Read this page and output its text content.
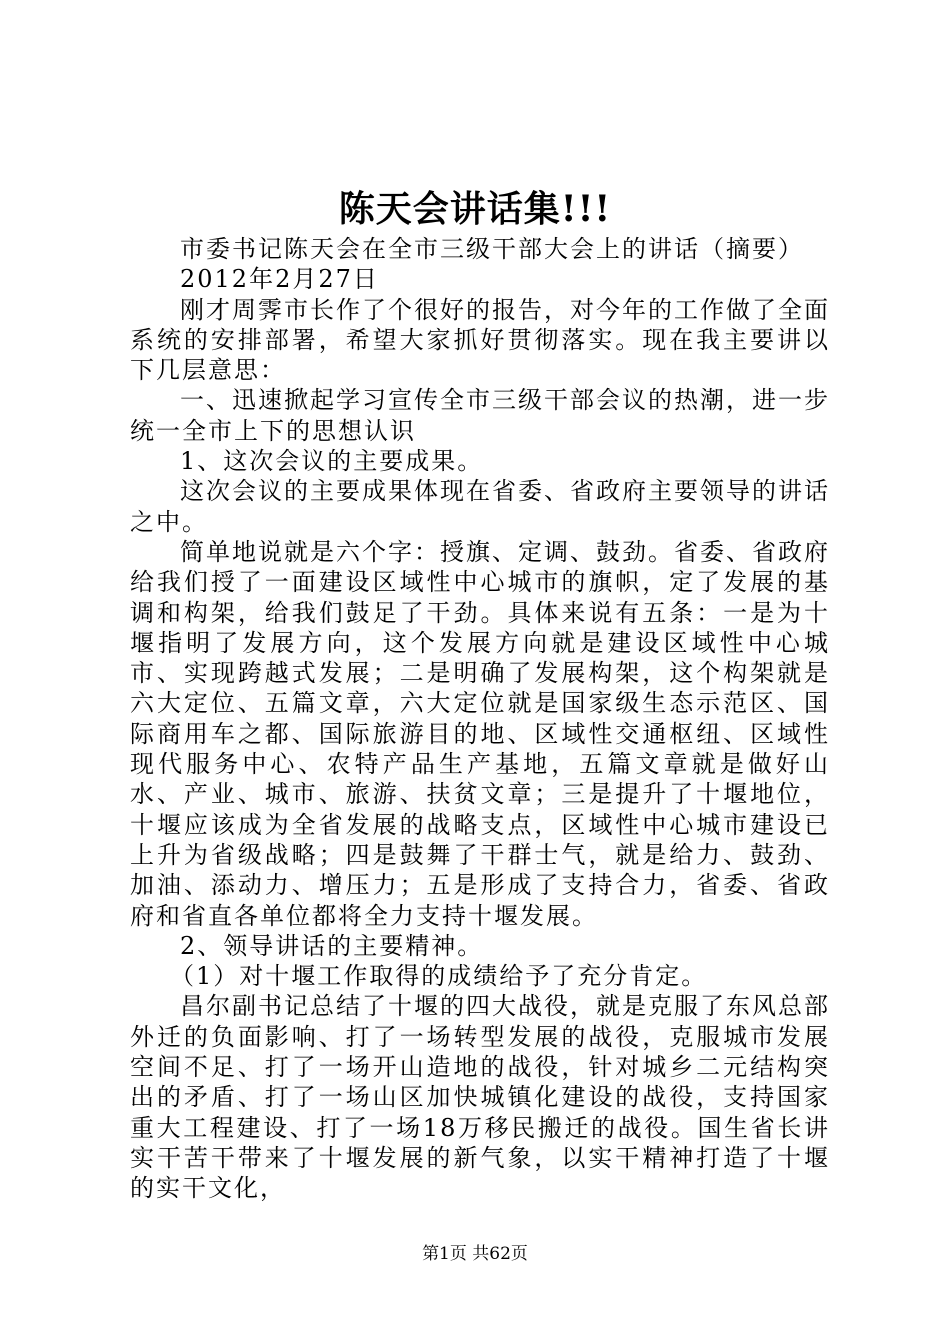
陈天会讲话集!!!

市委书记陈天会在全市三级干部大会上的讲话（摘要）

2012年2月27日

刚才周霁市长作了个很好的报告，对今年的工作做了全面系统的安排部署，希望大家抓好贯彻落实。现在我主要讲以下几层意思：

一、迅速掀起学习宣传全市三级干部会议的热潮，进一步统一全市上下的思想认识

1、这次会议的主要成果。

这次会议的主要成果体现在省委、省政府主要领导的讲话之中。

简单地说就是六个字：授旗、定调、鼓劲。省委、省政府给我们授了一面建设区域性中心城市的旗帜，定了发展的基调和构架，给我们鼓足了干劲。具体来说有五条：一是为十堰指明了发展方向，这个发展方向就是建设区域性中心城市、实现跨越式发展；二是明确了发展构架，这个构架就是六大定位、五篇文章，六大定位就是国家级生态示范区、国际商用车之都、国际旅游目的地、区域性交通枢纽、区域性现代服务中心、农特产品生产基地，五篇文章就是做好山水、产业、城市、旅游、扶贫文章；三是提升了十堰地位，十堰应该成为全省发展的战略支点，区域性中心城市建设已上升为省级战略；四是鼓舞了干群士气，就是给力、鼓劲、加油、添动力、增压力；五是形成了支持合力，省委、省政府和省直各单位都将全力支持十堰发展。

2、领导讲话的主要精神。

（1）对十堰工作取得的成绩给予了充分肯定。

昌尔副书记总结了十堰的四大战役，就是克服了东风总部外迁的负面影响、打了一场转型发展的战役，克服城市发展空间不足、打了一场开山造地的战役，针对城乡二元结构突出的矛盾、打了一场山区加快城镇化建设的战役，支持国家重大工程建设、打了一场18万移民搬迁的战役。国生省长讲实干苦干带来了十堰发展的新气象，以实干精神打造了十堰的实干文化，

第1页 共62页
